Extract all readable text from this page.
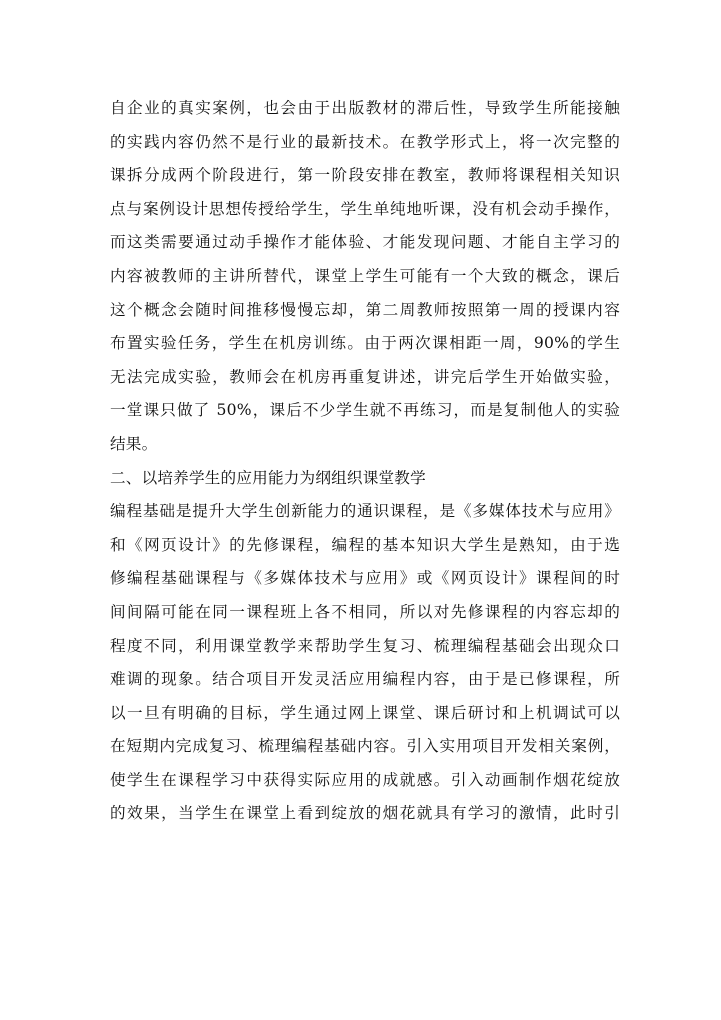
自企业的真实案例，也会由于出版教材的滞后性，导致学生所能接触
的实践内容仍然不是行业的最新技术。在教学形式上，将一次完整的
课拆分成两个阶段进行，第一阶段安排在教室，教师将课程相关知识
点与案例设计思想传授给学生，学生单纯地听课，没有机会动手操作，
而这类需要通过动手操作才能体验、才能发现问题、才能自主学习的
内容被教师的主讲所替代，课堂上学生可能有一个大致的概念，课后
这个概念会随时间推移慢慢忘却，第二周教师按照第一周的授课内容
布置实验任务，学生在机房训练。由于两次课相距一周，90%的学生
无法完成实验，教师会在机房再重复讲述，讲完后学生开始做实验，
一堂课只做了 50%，课后不少学生就不再练习，而是复制他人的实验
结果。
二、以培养学生的应用能力为纲组织课堂教学
编程基础是提升大学生创新能力的通识课程，是《多媒体技术与应用》
和《网页设计》的先修课程，编程的基本知识大学生是熟知，由于选
修编程基础课程与《多媒体技术与应用》或《网页设计》课程间的时
间间隔可能在同一课程班上各不相同，所以对先修课程的内容忘却的
程度不同，利用课堂教学来帮助学生复习、梳理编程基础会出现众口
难调的现象。结合项目开发灵活应用编程内容，由于是已修课程，所
以一旦有明确的目标，学生通过网上课堂、课后研讨和上机调试可以
在短期内完成复习、梳理编程基础内容。引入实用项目开发相关案例，
使学生在课程学习中获得实际应用的成就感。引入动画制作烟花绽放
的效果，当学生在课堂上看到绽放的烟花就具有学习的激情，此时引
